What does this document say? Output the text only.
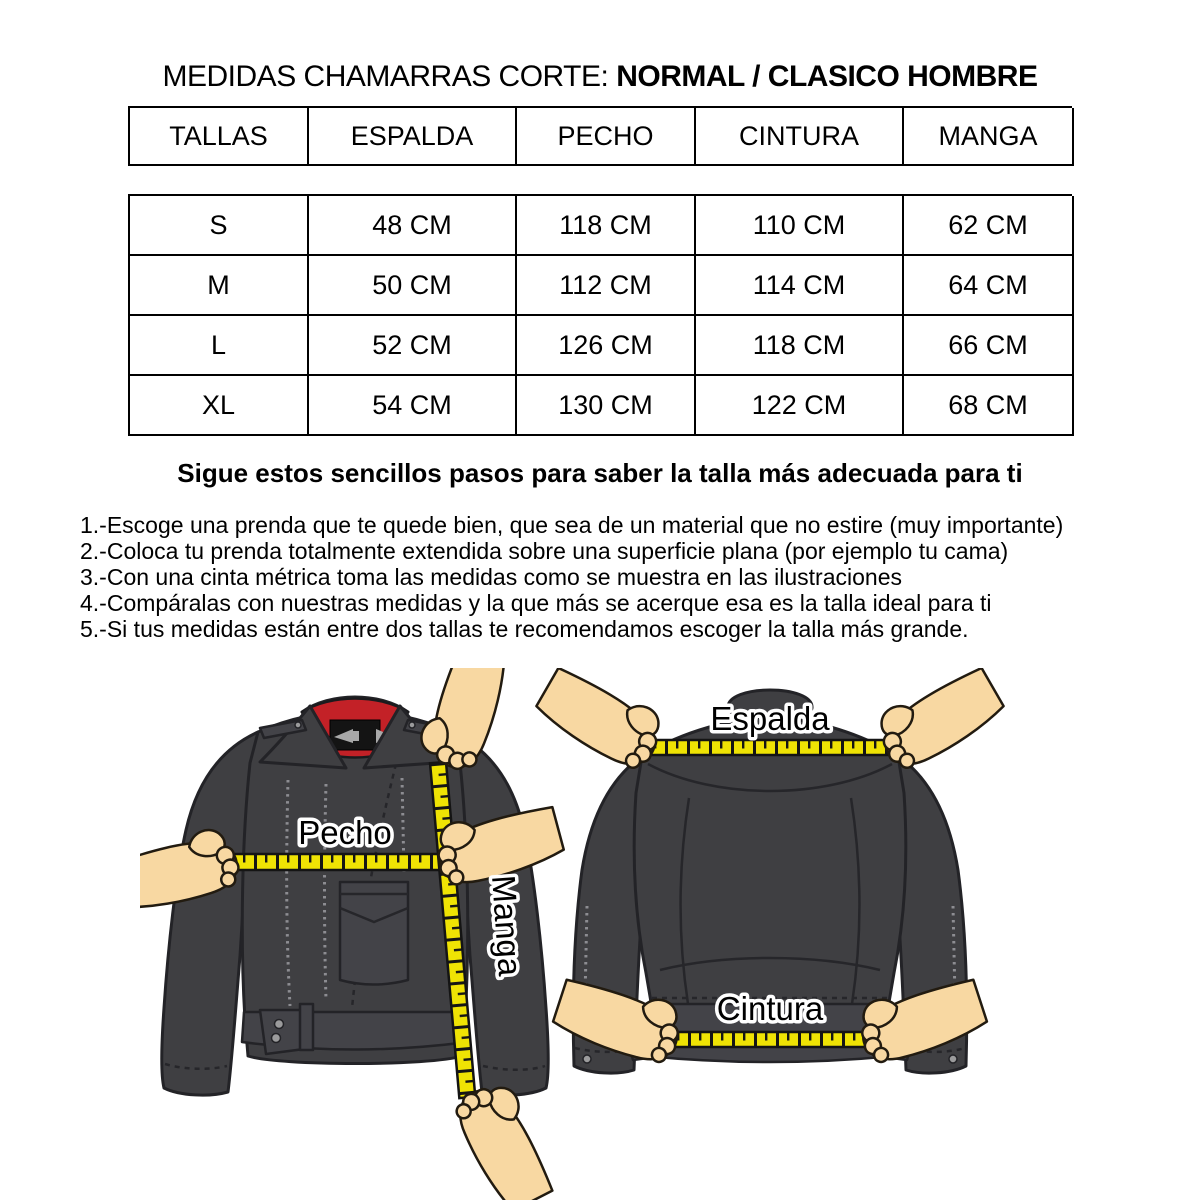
MEDIDAS CHAMARRAS CORTE: NORMAL / CLASICO HOMBRE
TALLAS	ESPALDA	PECHO	CINTURA	MANGA
S	48 CM	118 CM	110 CM	62 CM
M	50 CM	112 CM	114 CM	64 CM
L	52 CM	126 CM	118 CM	66 CM
XL	54 CM	130 CM	122 CM	68 CM
Sigue estos sencillos pasos para saber la talla más adecuada para ti
1.-Escoge una prenda que te quede bien, que sea de un material que no estire (muy importante)
2.-Coloca tu prenda totalmente extendida sobre una superficie plana (por ejemplo tu cama)
3.-Con una cinta métrica toma las medidas como se muestra en las ilustraciones
4.-Compáralas con nuestras medidas y la que más se acerque esa es la talla ideal para ti
5.-Si tus medidas están entre dos tallas te recomendamos escoger la talla más grande.
Pecho
Manga
Espalda
Cintura
